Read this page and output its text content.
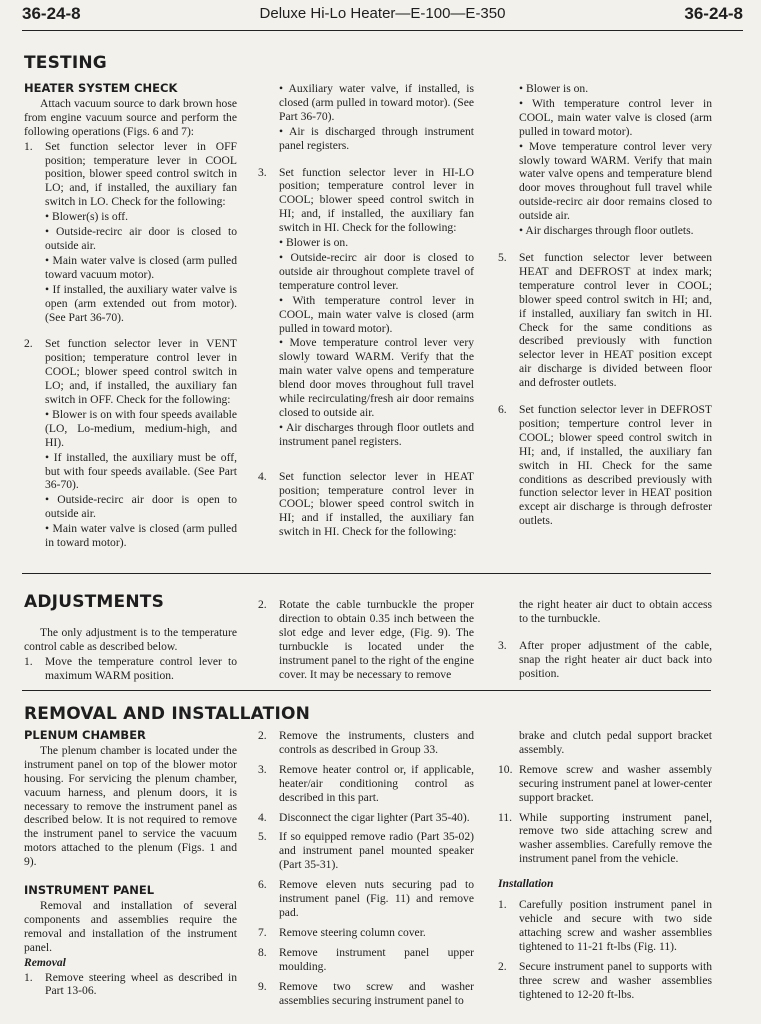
36-24-8	Deluxe Hi-Lo Heater—E-100—E-350	36-24-8
TESTING

HEATER SYSTEM CHECK

Attach vacuum source to dark brown hose from engine vacuum source and perform the following operations (Figs. 6 and 7):

1.	Set function selector lever in OFF position; temperature lever in COOL position, blower speed control switch in LO; and, if installed, the auxiliary fan switch in LO. Check for the following:

• Blower(s) is off.

• Outside-recirc air door is closed to outside air.

• Main water valve is closed (arm pulled toward vacuum motor).

• If installed, the auxiliary water valve is open (arm extended out from motor). (See Part 36-70).

2.	Set function selector lever in VENT position; temperature control lever in COOL; blower speed control switch in LO; and, if installed, the auxiliary fan switch in OFF. Check for the following:

• Blower is on with four speeds available (LO, Lo-medium, medium-high, and HI).

• If installed, the auxiliary must be off, but with four speeds available. (See Part 36-70).

• Outside-recirc air door is open to outside air.

• Main water valve is closed (arm pulled in toward motor).

• Auxiliary water valve, if installed, is closed (arm pulled in toward motor). (See Part 36-70).

• Air is discharged through instrument panel registers.

3.	Set function selector lever in HI-LO position; temperature control lever in COOL; blower speed control switch in HI; and, if installed, the auxiliary fan switch in HI. Check for the following:

• Blower is on.

• Outside-recirc air door is closed to outside air throughout complete travel of temperature control lever.

• With temperature control lever in COOL, main water valve is closed (arm pulled in toward motor).

• Move temperature control lever very slowly toward WARM. Verify that the main water valve opens and temperature blend door moves throughout full travel while recirculating/fresh air door remains closed to outside air.

• Air discharges through floor outlets and instrument panel registers.

4.	Set function selector lever in HEAT position; temperature control lever in COOL; blower speed control switch in HI; and if installed, the auxiliary fan switch in HI. Check for the following:

• Blower is on.

• With temperature control lever in COOL, main water valve is closed (arm pulled in toward motor).

• Move temperature control lever very slowly toward WARM. Verify that main water valve opens and temperature blend door moves throughout full travel while outside-recirc air door remains closed to outside air.

• Air discharges through floor outlets.

5.	Set function selector lever between HEAT and DEFROST at index mark; temperature control lever in COOL; blower speed control switch in HI; and, if installed, auxiliary fan switch in HI. Check for the same conditions as described previously with function selector lever in HEAT position except air discharge is divided between floor and defroster outlets.
6.	Set function selector lever in DEFROST position; temperture control lever in COOL; blower speed control switch in HI; and, if installed, the auxiliary fan switch in HI. Check for the same conditions as described previously with function selector lever in HEAT position except air discharge is through defroster outlets.
ADJUSTMENTS

The only adjustment is to the temperature control cable as described below.

1.	Move the temperature control lever to maximum WARM position.
2.	Rotate the cable turnbuckle the proper direction to obtain 0.35 inch between the slot edge and lever edge, (Fig. 9). The turnbuckle is located under the instrument panel to the right of the engine cover. It may be necessary to remove

the right heater air duct to obtain access to the turnbuckle.

3.	After proper adjustment of the cable, snap the right heater air duct back into position.
REMOVAL AND INSTALLATION

PLENUM CHAMBER

The plenum chamber is located under the instrument panel on top of the blower motor housing. For servicing the plenum chamber, vacuum harness, and plenum doors, it is necessary to remove the instrument panel as described below. It is not required to remove the instrument panel to service the vacuum motors attached to the plenum (Figs. 1 and 9).

INSTRUMENT PANEL

Removal and installation of several components and assemblies require the removal and installation of the instrument panel.

Removal

1.	Remove steering wheel as described in Part 13-06.
2.	Remove the instruments, clusters and controls as described in Group 33.
3.	Remove heater control or, if applicable, heater/air conditioning control as described in this part.
4.	Disconnect the cigar lighter (Part 35-40).
5.	If so equipped remove radio (Part 35-02) and instrument panel mounted speaker (Part 35-31).
6.	Remove eleven nuts securing pad to instrument panel (Fig. 11) and remove pad.
7.	Remove steering column cover.
8.	Remove instrument panel upper moulding.
9.	Remove two screw and washer assemblies securing instrument panel to

brake and clutch pedal support bracket assembly.

10. Remove screw and washer assembly securing instrument panel at lower-center support bracket.
11. While supporting instrument panel, remove two side attaching screw and washer assemblies. Carefully remove the instrument panel from the vehicle.

Installation

1.	Carefully position instrument panel in vehicle and secure with two side attaching screw and washer assemblies tightened to 11-21 ft-lbs (Fig. 11).
2.	Secure instrument panel to supports with three screw and washer assemblies tightened to 12-20 ft-lbs.
